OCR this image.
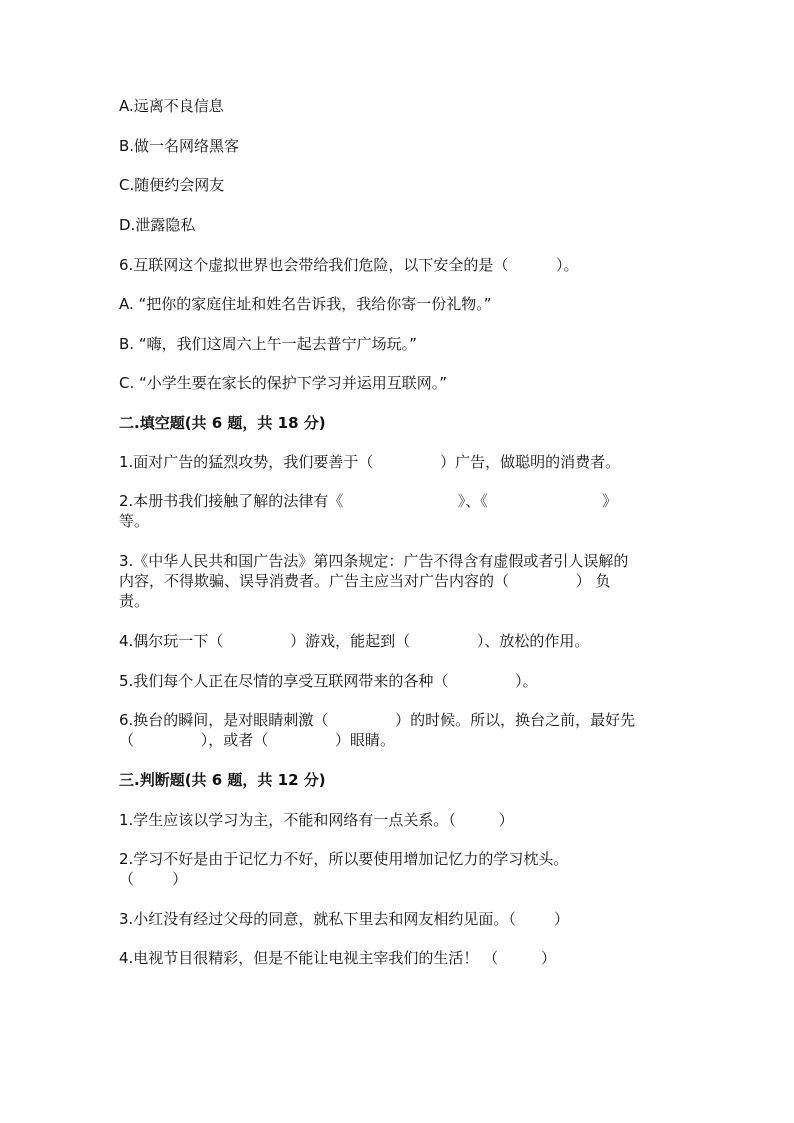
A.远离不良信息
B.做一名网络黑客
C.随便约会网友
D.泄露隐私
6.互联网这个虚拟世界也会带给我们危险，以下安全的是（          ）。
A. “把你的家庭住址和姓名告诉我，我给你寄一份礼物。”
B. “嗨，我们这周六上午一起去普宁广场玩。”
C. “小学生要在家长的保护下学习并运用互联网。”
二.填空题(共 6 题，共 18 分)
1.面对广告的猛烈攻势，我们要善于（              ）广告，做聪明的消费者。
2.本册书我们接触了解的法律有《                        》、《                        》
等。
3.《中华人民共和国广告法》第四条规定：广告不得含有虚假或者引人误解的
内容，不得欺骗、误导消费者。广告主应当对广告内容的（              ） 负
责。
4.偶尔玩一下（              ）游戏，能起到（              ）、放松的作用。
5.我们每个人正在尽情的享受互联网带来的各种（              ）。
6.换台的瞬间，是对眼睛刺激（              ）的时候。所以，换台之前，最好先
（              ），或者（              ）眼睛。
三.判断题(共 6 题，共 12 分)
1.学生应该以学习为主，不能和网络有一点关系。（         ）
2.学习不好是由于记忆力不好，所以要使用增加记忆力的学习枕头。
（        ）
3.小红没有经过父母的同意，就私下里去和网友相约见面。（        ）
4.电视节目很精彩，但是不能让电视主宰我们的生活！ （         ）
